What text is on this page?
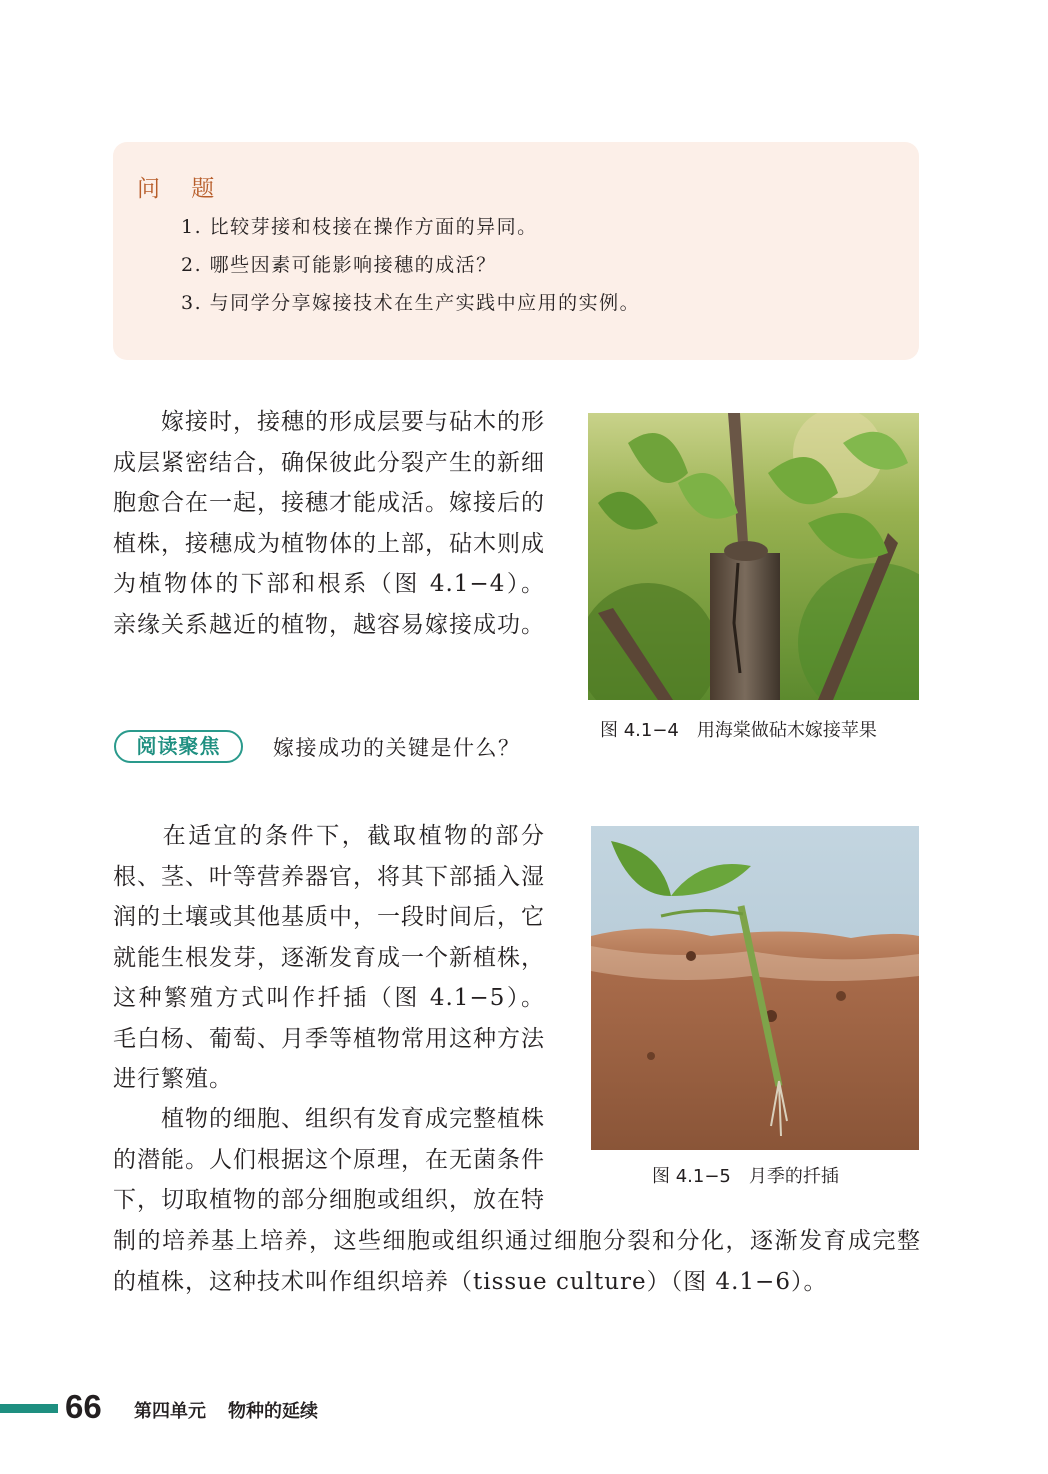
问 题
1. 比较芽接和枝接在操作方面的异同。
2. 哪些因素可能影响接穗的成活？
3. 与同学分享嫁接技术在生产实践中应用的实例。
嫁接时，接穗的形成层要与砧木的形成层紧密结合，确保彼此分裂产生的新细胞愈合在一起，接穗才能成活。嫁接后的植株，接穗成为植物体的上部，砧木则成为植物体的下部和根系（图 4.1−4）。亲缘关系越近的植物，越容易嫁接成功。
图 4.1−4　用海棠做砧木嫁接苹果
阅读聚焦	嫁接成功的关键是什么？
在适宜的条件下，截取植物的部分根、茎、叶等营养器官，将其下部插入湿润的土壤或其他基质中，一段时间后，它就能生根发芽，逐渐发育成一个新植株，这种繁殖方式叫作扦插（图 4.1−5）。毛白杨、葡萄、月季等植物常用这种方法进行繁殖。
图 4.1−5　月季的扦插
植物的细胞、组织有发育成完整植株的潜能。人们根据这个原理，在无菌条件下，切取植物的部分细胞或组织，放在特
制的培养基上培养，这些细胞或组织通过细胞分裂和分化，逐渐发育成完整的植株，这种技术叫作组织培养（tissue culture）（图 4.1−6）。
66 第四单元 物种的延续
